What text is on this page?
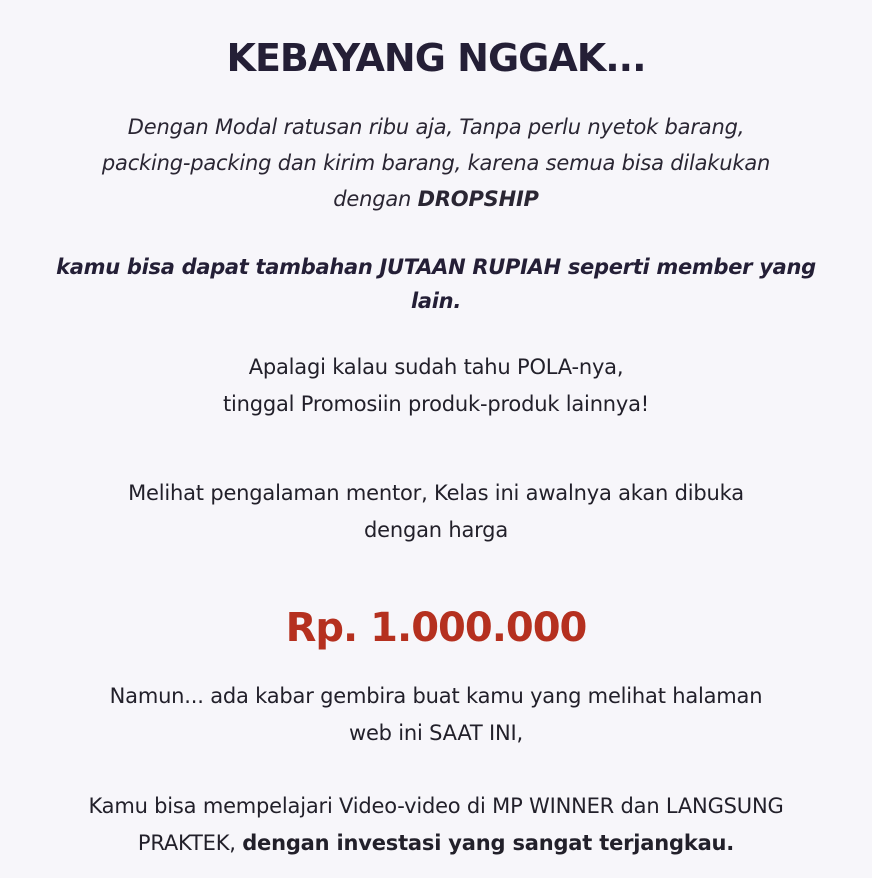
KEBAYANG NGGAK...
Dengan Modal ratusan ribu aja, Tanpa perlu nyetok barang,
packing-packing dan kirim barang, karena semua bisa dilakukan
dengan DROPSHIP
kamu bisa dapat tambahan JUTAAN RUPIAH seperti member yang
lain.
Apalagi kalau sudah tahu POLA-nya,
tinggal Promosiin produk-produk lainnya!
Melihat pengalaman mentor, Kelas ini awalnya akan dibuka
dengan harga
Rp. 1.000.000
Namun... ada kabar gembira buat kamu yang melihat halaman
web ini SAAT INI,
Kamu bisa mempelajari Video-video di MP WINNER dan LANGSUNG
PRAKTEK, dengan investasi yang sangat terjangkau.
